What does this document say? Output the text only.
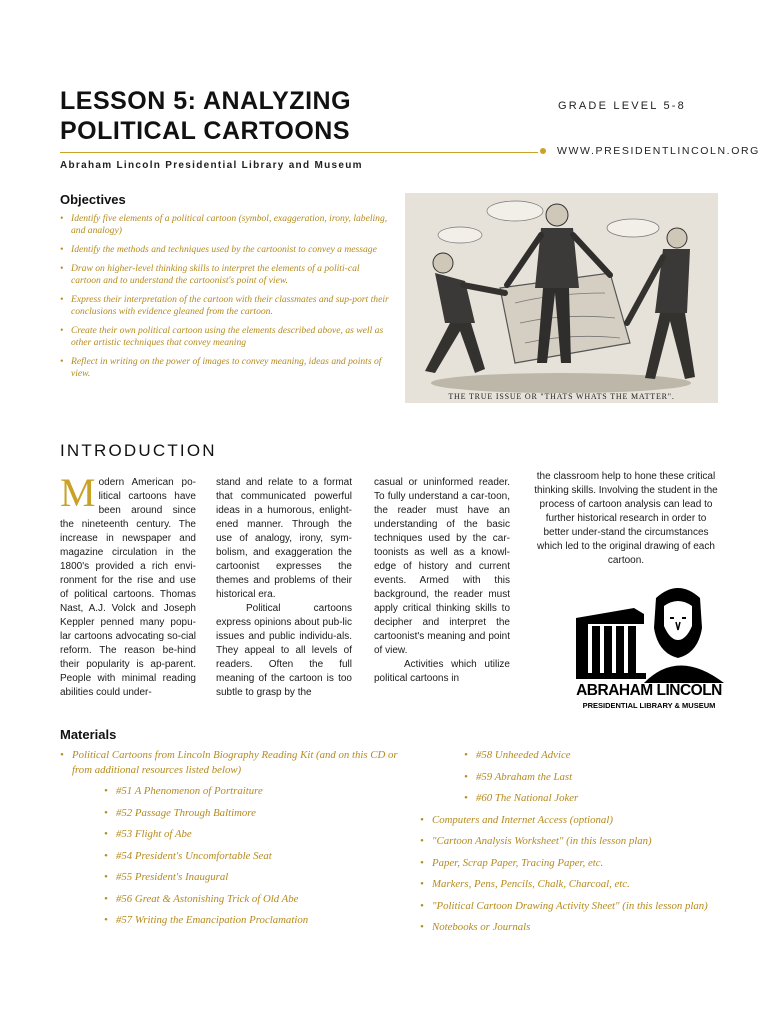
LESSON 5: ANALYZING
POLITICAL CARTOONS
GRADE LEVEL 5-8
WWW.PRESIDENTLINCOLN.ORG
Abraham Lincoln Presidential Library and Museum
Objectives
• Identify five elements of a political cartoon (symbol, exaggeration, irony, labeling, and analogy)
• Identify the methods and techniques used by the cartoonist to convey a message
• Draw on higher-level thinking skills to interpret the elements of a politi-cal cartoon and to understand the cartoonist's point of view.
• Express their interpretation of the cartoon with their classmates and sup-port their conclusions with evidence gleaned from the cartoon.
• Create their own political cartoon using the elements described above, as well as other artistic techniques that convey meaning
• Reflect in writing on the power of images to convey meaning, ideas and points of view.
THE TRUE ISSUE OR "THATS WHATS THE MATTER".
INTRODUCTION
Modern American po-litical cartoons have been around since the nineteenth century. The increase in newspaper and magazine circulation in the 1800's provided a rich envi-ronment for the rise and use of political cartoons. Thomas Nast, A.J. Volck and Joseph Keppler penned many popu-lar cartoons advocating so-cial reform. The reason be-hind their popularity is ap-parent. People with minimal reading abilities could under-

stand and relate to a format that communicated powerful ideas in a humorous, enlight-ened manner. Through the use of analogy, irony, sym-bolism, and exaggeration the cartoonist expresses the themes and problems of their historical era.

Political cartoons express opinions about pub-lic issues and public individu-als. They appeal to all levels of readers. Often the full meaning of the cartoon is too subtle to grasp by the

casual or uninformed reader. To fully understand a car-toon, the reader must have an understanding of the basic techniques used by the car-toonists as well as a knowl-edge of history and current events. Armed with this background, the reader must apply critical thinking skills to decipher and interpret the cartoonist's meaning and point of view.

Activities which utilize political cartoons in

the classroom help to hone these critical thinking skills. Involving the student in the process of cartoon analysis can lead to further historical research in order to better under-stand the circumstances which led to the original drawing of each cartoon.
ABRAHAM LINCOLN
PRESIDENTIAL LIBRARY & MUSEUM
Materials
• Political Cartoons from Lincoln Biography Reading Kit (and on this CD or from additional resources listed below)
• #51 A Phenomenon of Portraiture
• #52 Passage Through Baltimore
• #53 Flight of Abe
• #54 President's Uncomfortable Seat
• #55 President's Inaugural
• #56 Great & Astonishing Trick of Old Abe
• #57 Writing the Emancipation Proclamation
• #58 Unheeded Advice
• #59 Abraham the Last
• #60 The National Joker
• Computers and Internet Access (optional)
• "Cartoon Analysis Worksheet" (in this lesson plan)
• Paper, Scrap Paper, Tracing Paper, etc.
• Markers, Pens, Pencils, Chalk, Charcoal, etc.
• "Political Cartoon Drawing Activity Sheet" (in this lesson plan)
• Notebooks or Journals
